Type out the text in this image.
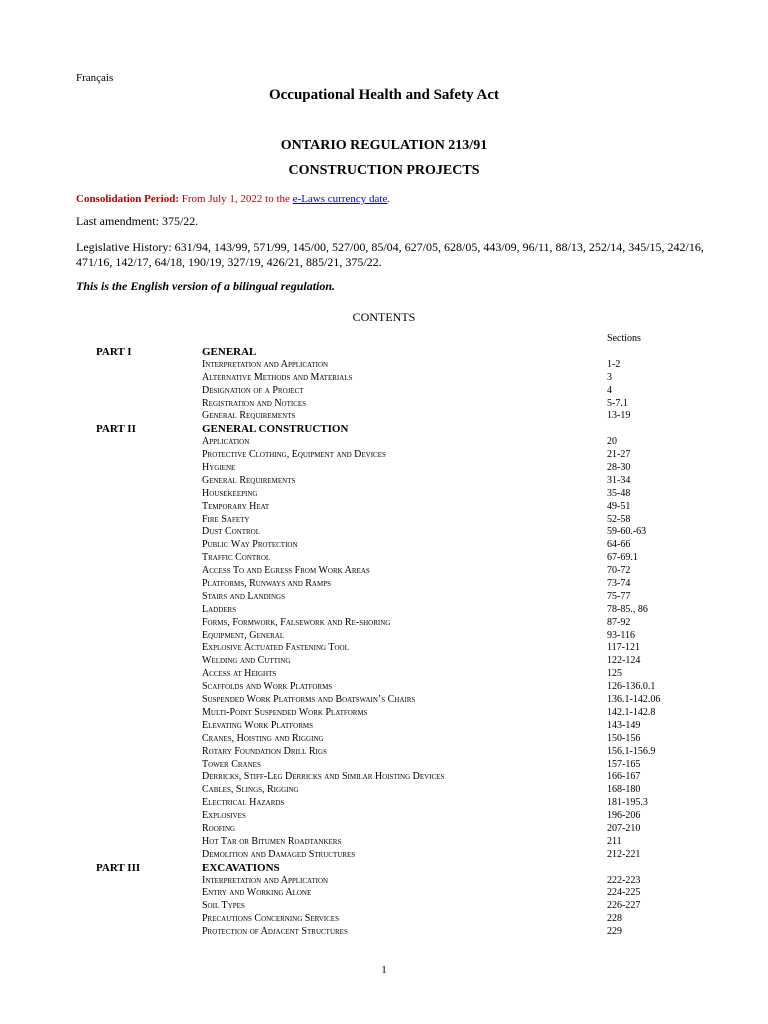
Français
Occupational Health and Safety Act
ONTARIO REGULATION 213/91
CONSTRUCTION PROJECTS
Consolidation Period: From July 1, 2022 to the e-Laws currency date.
Last amendment: 375/22.
Legislative History: 631/94, 143/99, 571/99, 145/00, 527/00, 85/04, 627/05, 628/05, 443/09, 96/11, 88/13, 252/14, 345/15, 242/16, 471/16, 142/17, 64/18, 190/19, 327/19, 426/21, 885/21, 375/22.
This is the English version of a bilingual regulation.
CONTENTS
Sections
PART I	GENERAL
Interpretation and Application	1-2
Alternative Methods and Materials	3
Designation of a Project	4
Registration and Notices	5-7.1
General Requirements	13-19
PART II	GENERAL CONSTRUCTION
Application	20
Protective Clothing, Equipment and Devices	21-27
Hygiene	28-30
General Requirements	31-34
Housekeeping	35-48
Temporary Heat	49-51
Fire Safety	52-58
Dust Control	59-60.-63
Public Way Protection	64-66
Traffic Control	67-69.1
Access To and Egress From Work Areas	70-72
Platforms, Runways and Ramps	73-74
Stairs and Landings	75-77
Ladders	78-85., 86
Forms, Formwork, Falsework and Re-shoring	87-92
Equipment, General	93-116
Explosive Actuated Fastening Tool	117-121
Welding and Cutting	122-124
Access at Heights	125
Scaffolds and Work Platforms	126-136.0.1
Suspended Work Platforms and Boatswain’s Chairs	136.1-142.06
Multi-Point Suspended Work Platforms	142.1-142.8
Elevating Work Platforms	143-149
Cranes, Hoisting and Rigging	150-156
Rotary Foundation Drill Rigs	156.1-156.9
Tower Cranes	157-165
Derricks, Stiff-Leg Derricks and Similar Hoisting Devices	166-167
Cables, Slings, Rigging	168-180
Electrical Hazards	181-195.3
Explosives	196-206
Roofing	207-210
Hot Tar or Bitumen Roadtankers	211
Demolition and Damaged Structures	212-221
PART III	EXCAVATIONS
Interpretation and Application	222-223
Entry and Working Alone	224-225
Soil Types	226-227
Precautions Concerning Services	228
Protection of Adjacent Structures	229
1
